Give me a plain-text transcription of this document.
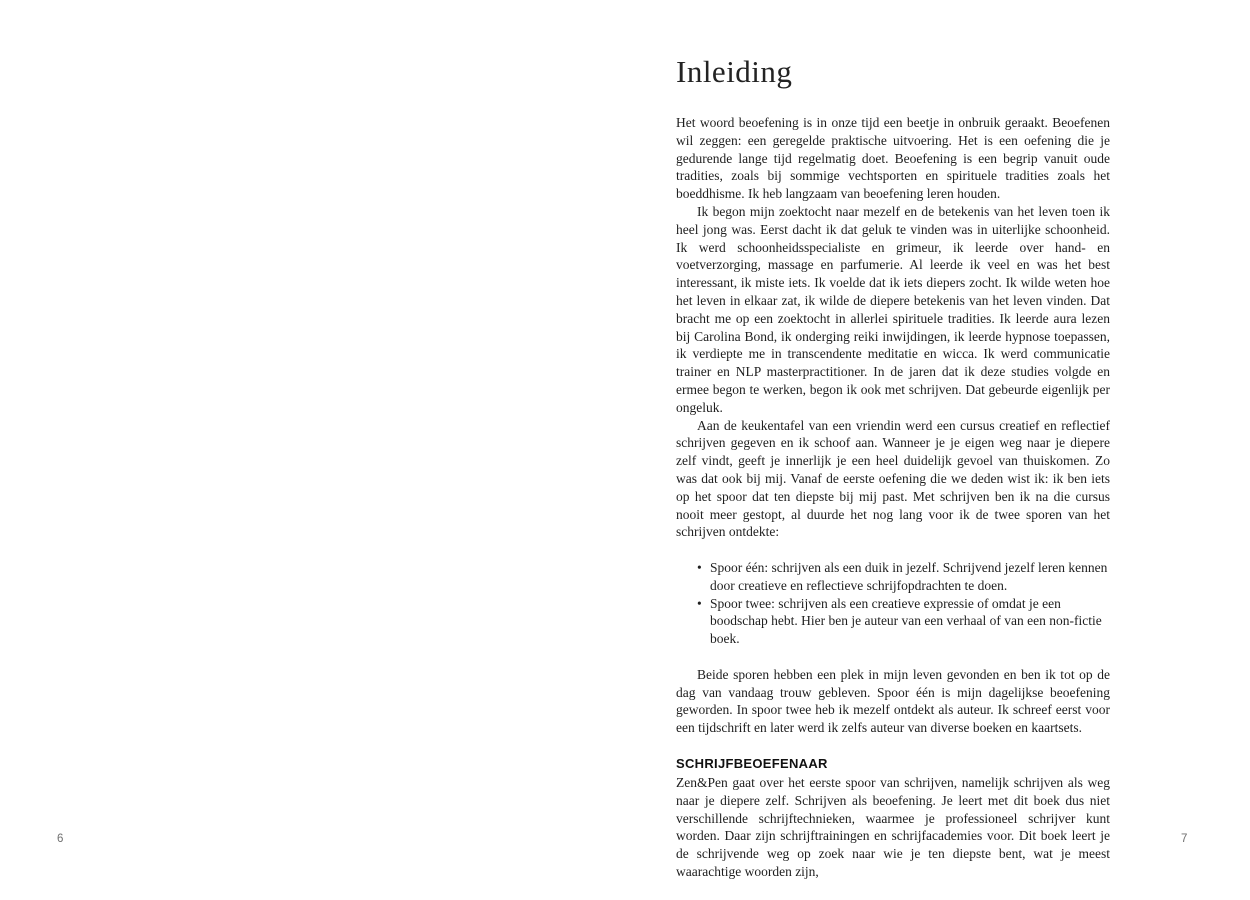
6
Inleiding

Het woord beoefening is in onze tijd een beetje in onbruik geraakt. Beoefenen wil zeggen: een geregelde praktische uitvoering. Het is een oefening die je gedurende lange tijd regelmatig doet. Beoefening is een begrip vanuit oude tradities, zoals bij sommige vechtsporten en spirituele tradities zoals het boeddhisme. Ik heb langzaam van beoefening leren houden.

Ik begon mijn zoektocht naar mezelf en de betekenis van het leven toen ik heel jong was. Eerst dacht ik dat geluk te vinden was in uiterlijke schoonheid. Ik werd schoonheidsspecialiste en grimeur, ik leerde over hand- en voetverzorging, massage en parfumerie. Al leerde ik veel en was het best interessant, ik miste iets. Ik voelde dat ik iets diepers zocht. Ik wilde weten hoe het leven in elkaar zat, ik wilde de diepere betekenis van het leven vinden. Dat bracht me op een zoektocht in allerlei spirituele tradities. Ik leerde aura lezen bij Carolina Bond, ik onderging reiki inwijdingen, ik leerde hypnose toepassen, ik verdiepte me in transcendente meditatie en wicca. Ik werd communicatie trainer en NLP masterpractitioner. In de jaren dat ik deze studies volgde en ermee begon te werken, begon ik ook met schrijven. Dat gebeurde eigenlijk per ongeluk.

Aan de keukentafel van een vriendin werd een cursus creatief en reflectief schrijven gegeven en ik schoof aan. Wanneer je je eigen weg naar je diepere zelf vindt, geeft je innerlijk je een heel duidelijk gevoel van thuiskomen. Zo was dat ook bij mij. Vanaf de eerste oefening die we deden wist ik: ik ben iets op het spoor dat ten diepste bij mij past. Met schrijven ben ik na die cursus nooit meer gestopt, al duurde het nog lang voor ik de twee sporen van het schrijven ontdekte:

• Spoor één: schrijven als een duik in jezelf. Schrijvend jezelf leren kennen door creatieve en reflectieve schrijfopdrachten te doen.
• Spoor twee: schrijven als een creatieve expressie of omdat je een boodschap hebt. Hier ben je auteur van een verhaal of van een non-fictie boek.

Beide sporen hebben een plek in mijn leven gevonden en ben ik tot op de dag van vandaag trouw gebleven. Spoor één is mijn dagelijkse beoefening geworden. In spoor twee heb ik mezelf ontdekt als auteur. Ik schreef eerst voor een tijdschrift en later werd ik zelfs auteur van diverse boeken en kaartsets.

SCHRIJFBEOEFENAAR

Zen&Pen gaat over het eerste spoor van schrijven, namelijk schrijven als weg naar je diepere zelf. Schrijven als beoefening. Je leert met dit boek dus niet verschillende schrijftechnieken, waarmee je professioneel schrijver kunt worden. Daar zijn schrijftrainingen en schrijfacademies voor. Dit boek leert je de schrijvende weg op zoek naar wie je ten diepste bent, wat je meest waarachtige woorden zijn,

7
